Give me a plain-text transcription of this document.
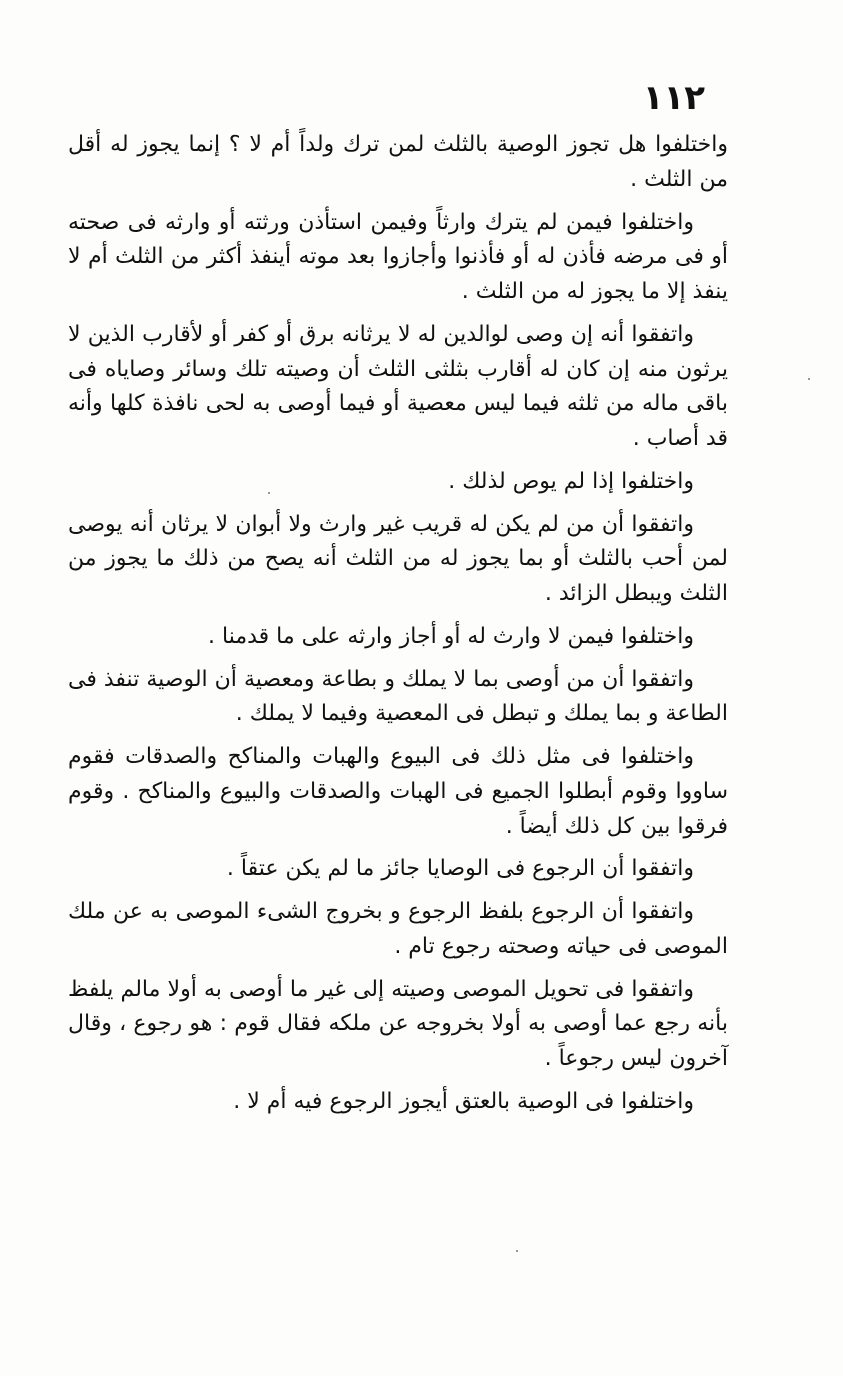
١١٢

واختلفوا هل تجوز الوصية بالثلث لمن ترك ولداً أم لا ؟ إنما يجوز له أقل من الثلث .

واختلفوا فيمن لم يترك وارثاً وفيمن استأذن ورثته أو وارثه فى صحته أو فى مرضه فأذن له أو فأذنوا وأجازوا بعد موته أينفذ أكثر من الثلث أم لا ينفذ إلا ما يجوز له من الثلث .

واتفقوا أنه إن وصى لوالدين له لا يرثانه برق أو كفر أو لأقارب الذين لا يرثون منه إن كان له أقارب بثلثى الثلث أن وصيته تلك وسائر وصاياه فى باقى ماله من ثلثه فيما ليس معصية أو فيما أوصى به لحى نافذة كلها وأنه قد أصاب .

واختلفوا إذا لم يوص لذلك .

واتفقوا أن من لم يكن له قريب غير وارث ولا أبوان لا يرثان أنه يوصى لمن أحب بالثلث أو بما يجوز له من الثلث أنه يصح من ذلك ما يجوز من الثلث ويبطل الزائد .

واختلفوا فيمن لا وارث له أو أجاز وارثه على ما قدمنا .

واتفقوا أن من أوصى بما لا يملك و بطاعة ومعصية أن الوصية تنفذ فى الطاعة و بما يملك و تبطل فى المعصية وفيما لا يملك .

واختلفوا فى مثل ذلك فى البيوع والهبات والمناكح والصدقات فقوم ساووا وقوم أبطلوا الجميع فى الهبات والصدقات والبيوع والمناكح . وقوم فرقوا بين كل ذلك أيضاً .

واتفقوا أن الرجوع فى الوصايا جائز ما لم يكن عتقاً .

واتفقوا أن الرجوع بلفظ الرجوع و بخروج الشىء الموصى به عن ملك الموصى فى حياته وصحته رجوع تام .

واتفقوا فى تحويل الموصى وصيته إلى غير ما أوصى به أولا مالم يلفظ بأنه رجع عما أوصى به أولا بخروجه عن ملكه فقال قوم : هو رجوع ، وقال آخرون ليس رجوعاً .

واختلفوا فى الوصية بالعتق أيجوز الرجوع فيه أم لا .
